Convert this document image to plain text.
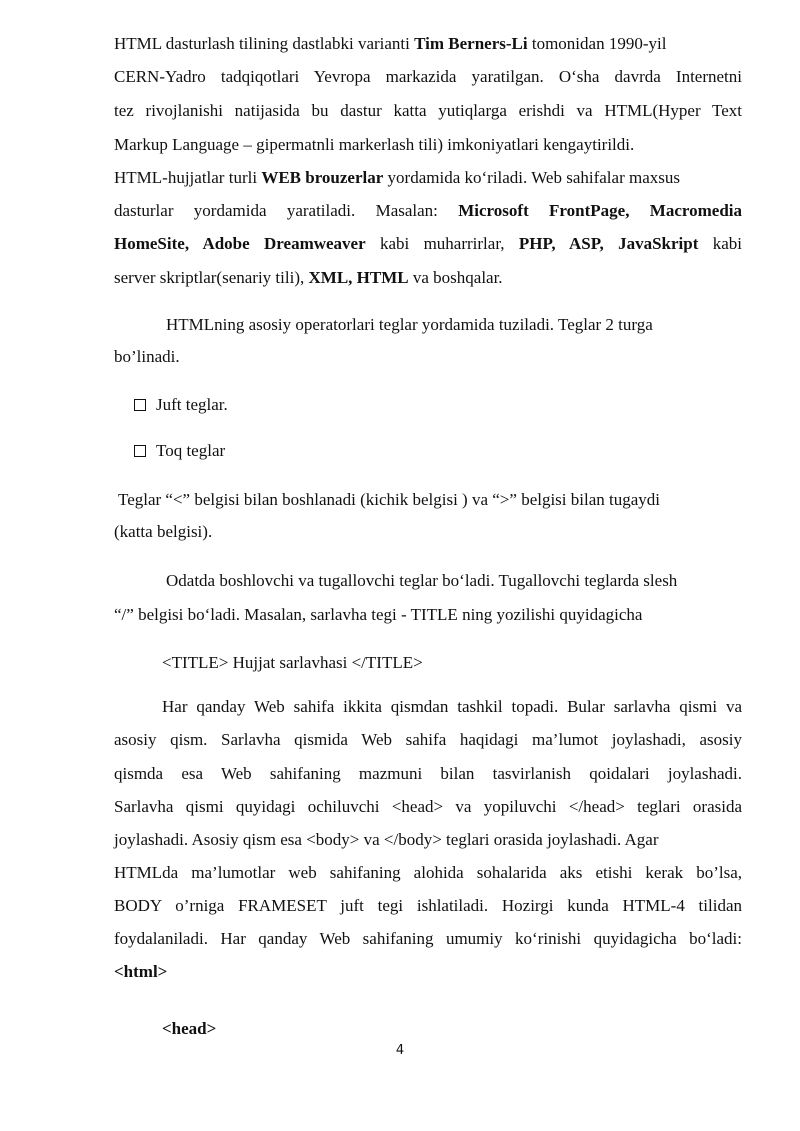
HTML dasturlash tilining dastlabki varianti Tim Berners-Li tomonidan 1990-yil
CERN-Yadro tadqiqotlari Yevropa markazida yaratilgan. O‘sha davrda Internetni
tez rivojlanishi natijasida bu dastur katta yutiqlarga erishdi va HTML(Hyper Text
Markup Language – gipermatnli markerlash tili) imkoniyatlari kengaytirildi.
HTML-hujjatlar turli WEB brouzerlar yordamida ko‘riladi. Web sahifalar maxsus
dasturlar yordamida yaratiladi. Masalan: Microsoft FrontPage, Macromedia
HomeSite, Adobe Dreamweaver kabi muharrirlar, PHP, ASP, JavaSkript kabi
server skriptlar(senariy tili), XML, HTML va boshqalar.
HTMLning asosiy operatorlari teglar yordamida tuziladi. Teglar 2 turga
bo’linadi.
Juft teglar.
Toq teglar
Teglar “<” belgisi bilan boshlanadi (kichik belgisi ) va “>” belgisi bilan tugaydi
(katta belgisi).
Odatda boshlovchi va tugallovchi teglar bo‘ladi. Tugallovchi teglarda slesh
“/” belgisi bo‘ladi. Masalan, sarlavha tegi - TITLE ning yozilishi quyidagicha
<TITLE> Hujjat sarlavhasi </TITLE>
Har qanday Web sahifa ikkita qismdan tashkil topadi. Bular sarlavha qismi va
asosiy qism. Sarlavha qismida Web sahifa haqidagi ma’lumot joylashadi, asosiy
qismda esa Web sahifaning mazmuni bilan tasvirlanish qoidalari joylashadi.
Sarlavha qismi quyidagi ochiluvchi <head> va yopiluvchi </head> teglari orasida
joylashadi. Asosiy qism esa <body> va </body> teglari orasida joylashadi. Agar
HTMLda ma’lumotlar web sahifaning alohida sohalarida aks etishi kerak bo’lsa,
BODY o’rniga FRAMESET juft tegi ishlatiladi. Hozirgi kunda HTML-4 tilidan
foydalaniladi. Har qanday Web sahifaning umumiy ko‘rinishi quyidagicha bo‘ladi:
<html>
<head>
4
